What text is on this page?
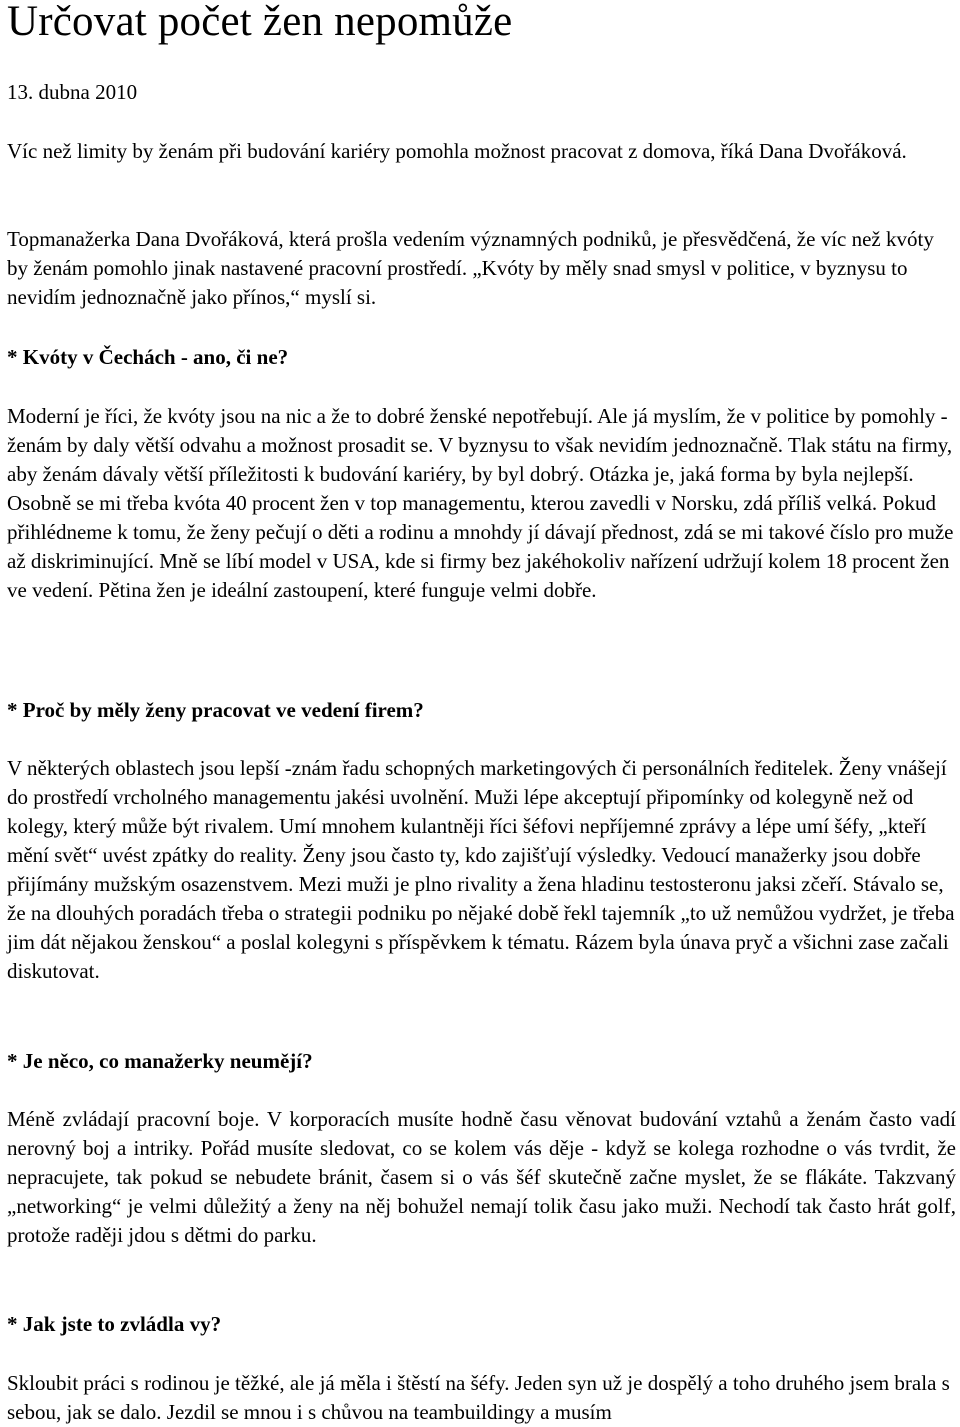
Určovat počet žen nepomůže

13. dubna 2010

Víc než limity by ženám při budování kariéry pomohla možnost pracovat z domova, říká Dana Dvořáková.

Topmanažerka Dana Dvořáková, která prošla vedením významných podniků, je přesvědčená, že víc než kvóty by ženám pomohlo jinak nastavené pracovní prostředí. „Kvóty by měly snad smysl v politice, v byznysu to nevidím jednoznačně jako přínos,“ myslí si.

* Kvóty v Čechách - ano, či ne?

Moderní je říci, že kvóty jsou na nic a že to dobré ženské nepotřebují. Ale já myslím, že v politice by pomohly - ženám by daly větší odvahu a možnost prosadit se. V byznysu to však nevidím jednoznačně. Tlak státu na firmy, aby ženám dávaly větší příležitosti k budování kariéry, by byl dobrý. Otázka je, jaká forma by byla nejlepší. Osobně se mi třeba kvóta 40 procent žen v top managementu, kterou zavedli v Norsku, zdá příliš velká. Pokud přihlédneme k tomu, že ženy pečují o děti a rodinu a mnohdy jí dávají přednost, zdá se mi takové číslo pro muže až diskriminující. Mně se líbí model v USA, kde si firmy bez jakéhokoliv nařízení udržují kolem 18 procent žen ve vedení. Pětina žen je ideální zastoupení, které funguje velmi dobře.

* Proč by měly ženy pracovat ve vedení firem?

V některých oblastech jsou lepší -znám řadu schopných marketingových či personálních ředitelek. Ženy vnášejí do prostředí vrcholného managementu jakési uvolnění. Muži lépe akceptují připomínky od kolegyně než od kolegy, který může být rivalem. Umí mnohem kulantněji říci šéfovi nepříjemné zprávy a lépe umí šéfy, „kteří mění svět“ uvést zpátky do reality. Ženy jsou často ty, kdo zajišťují výsledky. Vedoucí manažerky jsou dobře přijímány mužským osazenstvem. Mezi muži je plno rivality a žena hladinu testosteronu jaksi zčeří. Stávalo se, že na dlouhých poradách třeba o strategii podniku po nějaké době řekl tajemník „to už nemůžou vydržet, je třeba jim dát nějakou ženskou“ a poslal kolegyni s příspěvkem k tématu. Rázem byla únava pryč a všichni zase začali diskutovat.

* Je něco, co manažerky neumějí?

Méně zvládají pracovní boje. V korporacích musíte hodně času věnovat budování vztahů a ženám často vadí nerovný boj a intriky. Pořád musíte sledovat, co se kolem vás děje - když se kolega rozhodne o vás tvrdit, že nepracujete, tak pokud se nebudete bránit, časem si o vás šéf skutečně začne myslet, že se flákáte. Takzvaný „networking“ je velmi důležitý a ženy na něj bohužel nemají tolik času jako muži. Nechodí tak často hrát golf, protože raději jdou s dětmi do parku.

* Jak jste to zvládla vy?

Skloubit práci s rodinou je těžké, ale já měla i štěstí na šéfy. Jeden syn už je dospělý a toho druhého jsem brala s sebou, jak se dalo. Jezdil se mnou i s chůvou na teambuildingy a musím
